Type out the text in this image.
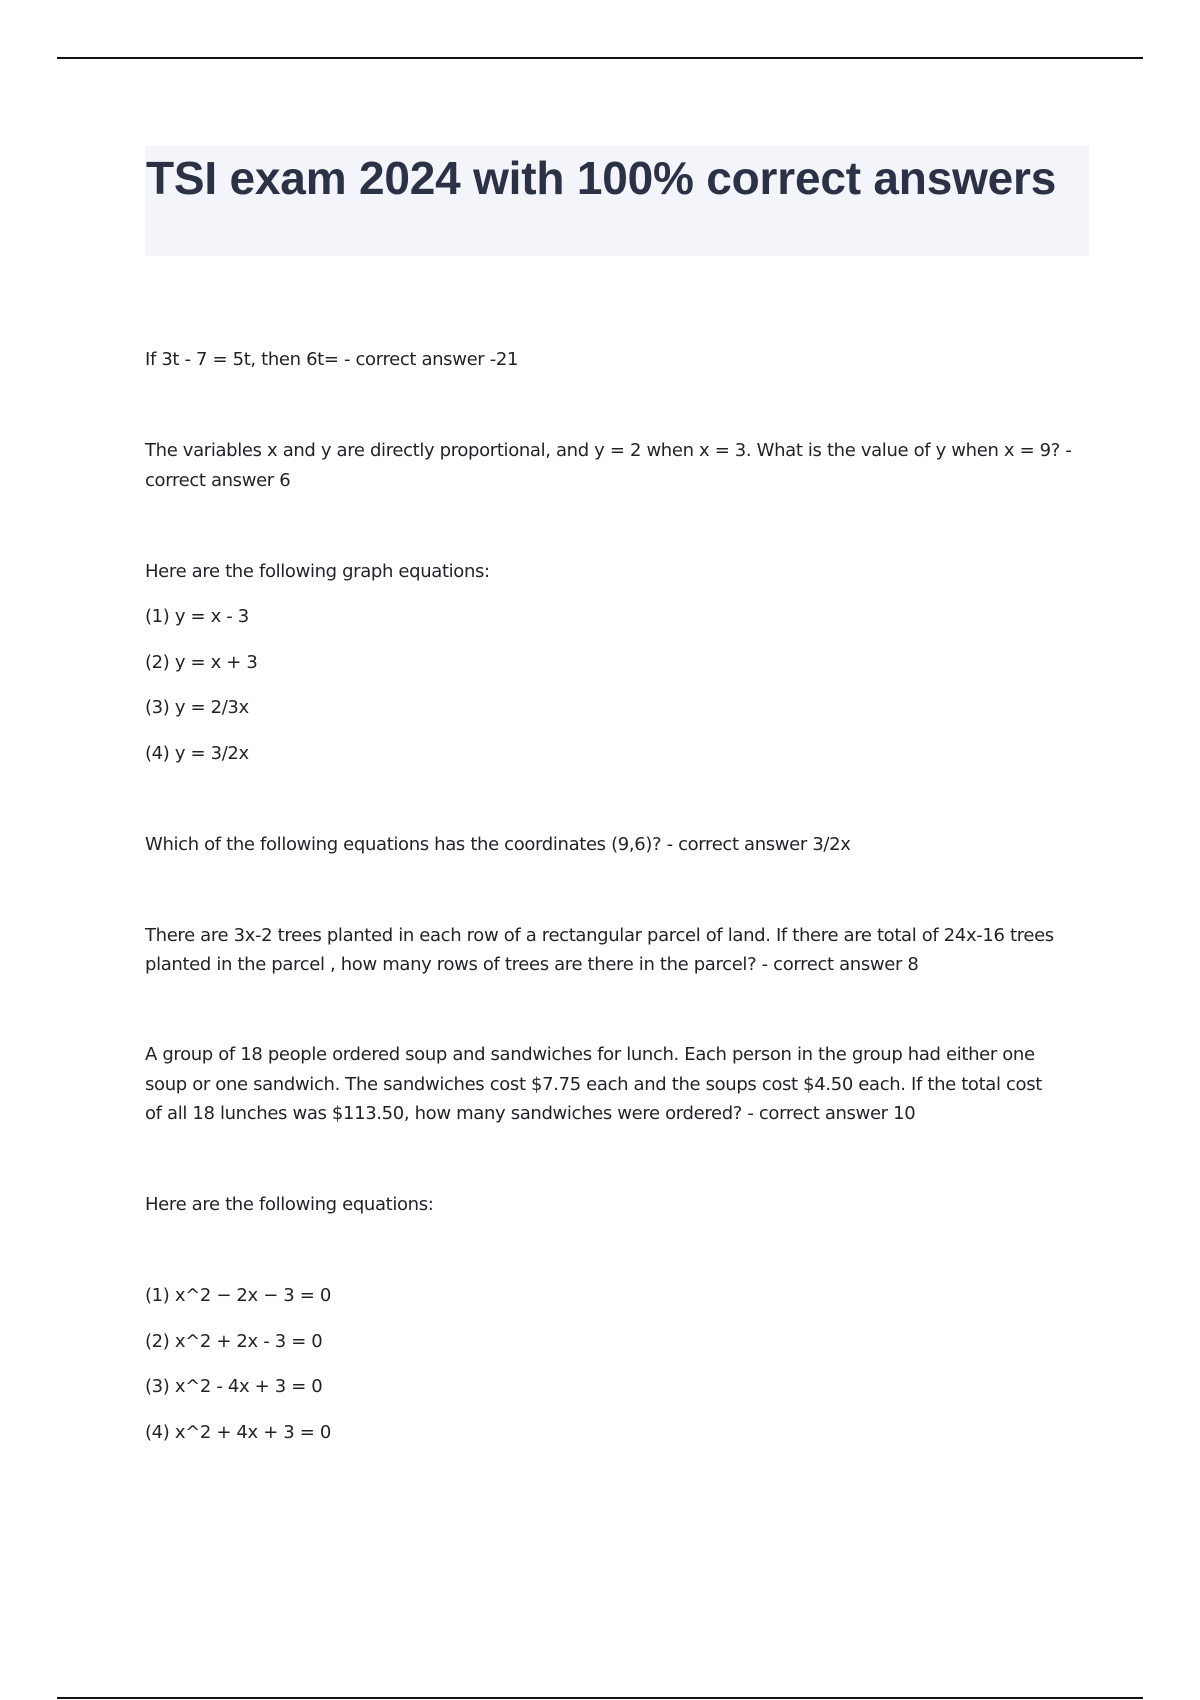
TSI exam 2024 with 100% correct answers
If 3t - 7 = 5t, then 6t= - correct answer -21
The variables x and y are directly proportional, and y = 2 when x = 3. What is the value of y when x = 9? -
correct answer 6
Here are the following graph equations:
(1) y = x - 3
(2) y = x + 3
(3) y = 2/3x
(4) y = 3/2x
Which of the following equations has the coordinates (9,6)? - correct answer 3/2x
There are 3x-2 trees planted in each row of a rectangular parcel of land. If there are total of 24x-16 trees
planted in the parcel , how many rows of trees are there in the parcel? - correct answer 8
A group of 18 people ordered soup and sandwiches for lunch. Each person in the group had either one
soup or one sandwich. The sandwiches cost $7.75 each and the soups cost $4.50 each. If the total cost
of all 18 lunches was $113.50, how many sandwiches were ordered? - correct answer 10
Here are the following equations:
(1) x^2 − 2x − 3 = 0
(2) x^2 + 2x - 3 = 0
(3) x^2 - 4x + 3 = 0
(4) x^2 + 4x + 3 = 0
